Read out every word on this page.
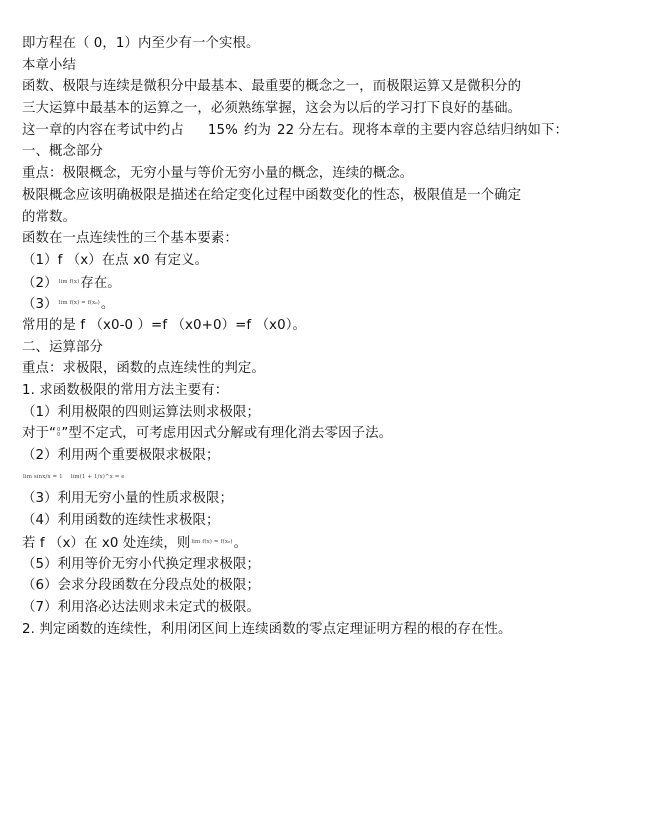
即方程在（ 0，1）内至少有一个实根。
本章小结
函数、极限与连续是微积分中最基本、最重要的概念之一，而极限运算又是微积分的
三大运算中最基本的运算之一，必须熟练掌握，这会为以后的学习打下良好的基础。
这一章的内容在考试中约占 15% 约为 22 分左右。现将本章的主要内容总结归纳如下：
一、概念部分
重点：极限概念，无穷小量与等价无穷小量的概念，连续的概念。
极限概念应该明确极限是描述在给定变化过程中函数变化的性态，极限值是一个确定
的常数。
函数在一点连续性的三个基本要素：
（1）f （x）在点 x0 有定义。
（2）lim f(x)存在。
（3）lim f(x) = f(x₀)。
常用的是 f （x0-0 ）=f （x0+0）=f （x0）。
二、运算部分
重点：求极限，函数的点连续性的判定。
1. 求函数极限的常用方法主要有：
（1）利用极限的四则运算法则求极限；
对于“0
0”型不定式，可考虑用因式分解或有理化消去零因子法。
（2）利用两个重要极限求极限；
lim sinx/x = 1 lim(1 + 1/x)^x = e
（3）利用无穷小量的性质求极限；
（4）利用函数的连续性求极限；
若 f （x）在 x0 处连续，则lim f(x) = f(x₀)。
（5）利用等价无穷小代换定理求极限；
（6）会求分段函数在分段点处的极限；
（7）利用洛必达法则求未定式的极限。
2. 判定函数的连续性，利用闭区间上连续函数的零点定理证明方程的根的存在性。
